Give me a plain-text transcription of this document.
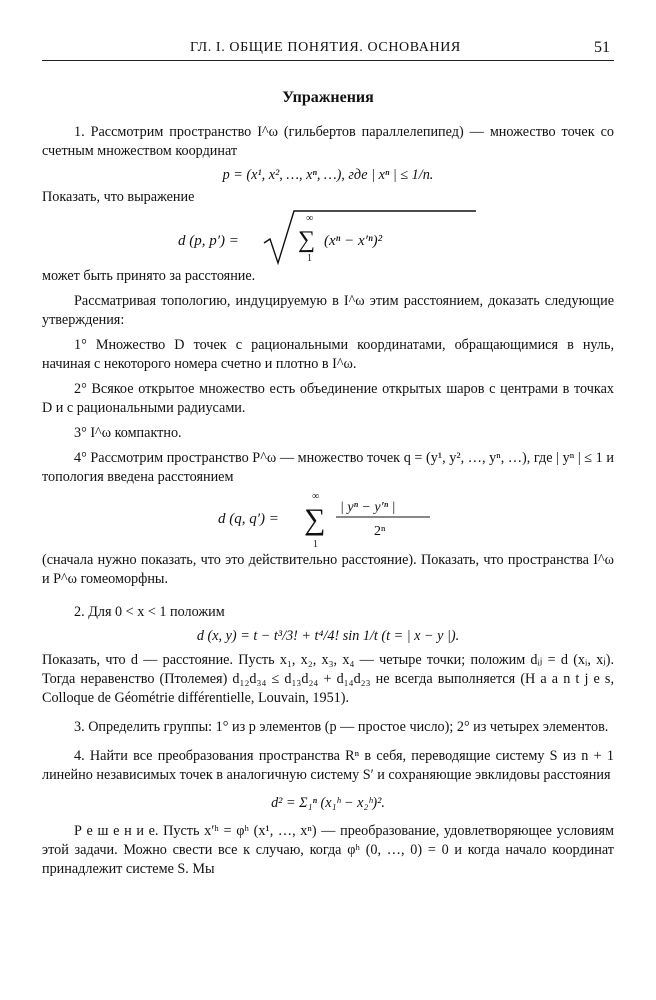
ГЛ. I. ОБЩИЕ ПОНЯТИЯ. ОСНОВАНИЯ	51
Упражнения

1. Рассмотрим пространство I^ω (гильбертов параллелепипед) — множество точек со счетным множеством координат

p = (x¹, x², …, xⁿ, …), где | xⁿ | ≤ 1/n.

Показать, что выражение

d (p, p′) =
∞
∑
1
(xⁿ − x′ⁿ)²

может быть принято за расстояние.

Рассматривая топологию, индуцируемую в I^ω этим расстоянием, доказать следующие утверждения:

1° Множество D точек с рациональными координатами, обращающимися в нуль, начиная с некоторого номера счетно и плотно в I^ω.

2° Всякое открытое множество есть объединение открытых шаров с центрами в точках D и с рациональными радиусами.

3° I^ω компактно.

4° Рассмотрим пространство P^ω — множество точек q = (y¹, y², …, yⁿ, …), где | yⁿ | ≤ 1 и топология введена расстоянием

d (q, q′) =
∞
∑
1
| yⁿ − y′ⁿ |
2ⁿ

(сначала нужно показать, что это действительно расстояние). Показать, что пространства I^ω и P^ω гомеоморфны.

2. Для 0 < x < 1 положим

d (x, y) = t − t³/3! + t⁴/4! sin 1/t (t = | x − y |).

Показать, что d — расстояние. Пусть x₁, x₂, x₃, x₄ — четыре точки; положим dᵢⱼ = d (xᵢ, xⱼ). Тогда неравенство (Птолемея) d₁₂d₃₄ ≤ d₁₃d₂₄ + d₁₄d₂₃ не всегда выполняется (H a a n t j e s, Colloque de Géométrie différentielle, Louvain, 1951).

3. Определить группы: 1° из p элементов (p — простое число); 2° из четырех элементов.

4. Найти все преобразования пространства Rⁿ в себя, переводящие систему S из n + 1 линейно независимых точек в аналогичную систему S′ и сохраняющие эвклидовы расстояния

d² = Σ₁ⁿ (x₁ʰ − x₂ʰ)².

Р е ш е н и е. Пусть x′ʰ = φʰ (x¹, …, xⁿ) — преобразование, удовлетворяющее условиям этой задачи. Можно свести все к случаю, когда φʰ (0, …, 0) = 0 и когда начало координат принадлежит системе S. Мы
